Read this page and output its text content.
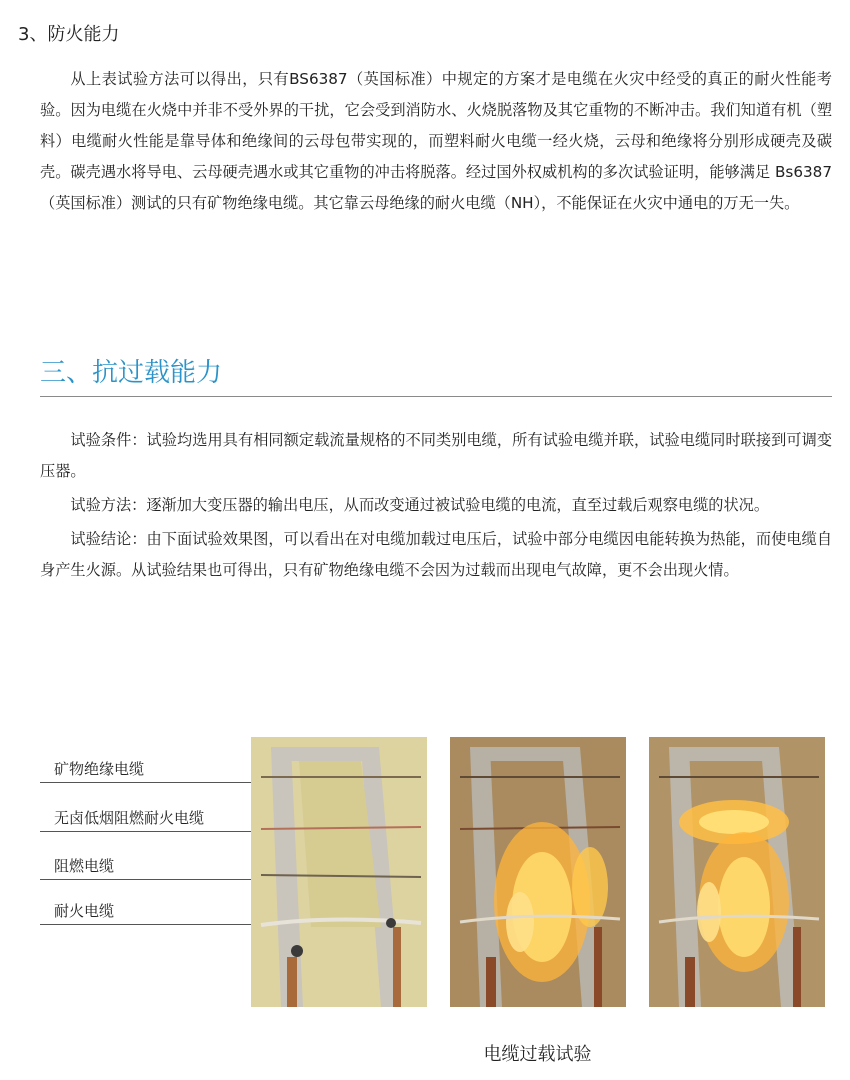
3、防火能力

从上表试验方法可以得出，只有BS6387（英国标准）中规定的方案才是电缆在火灾中经受的真正的耐火性能考验。因为电缆在火烧中并非不受外界的干扰，它会受到消防水、火烧脱落物及其它重物的不断冲击。我们知道有机（塑料）电缆耐火性能是靠导体和绝缘间的云母包带实现的，而塑料耐火电缆一经火烧，云母和绝缘将分别形成硬壳及碳壳。碳壳遇水将导电、云母硬壳遇水或其它重物的冲击将脱落。经过国外权威机构的多次试验证明，能够满足 Bs6387（英国标准）测试的只有矿物绝缘电缆。其它靠云母绝缘的耐火电缆（NH），不能保证在火灾中通电的万无一失。

三、抗过载能力

试验条件：试验均选用具有相同额定载流量规格的不同类别电缆，所有试验电缆并联，试验电缆同时联接到可调变压器。

试验方法：逐渐加大变压器的输出电压，从而改变通过被试验电缆的电流，直至过载后观察电缆的状况。

试验结论：由下面试验效果图，可以看出在对电缆加载过电压后，试验中部分电缆因电能转换为热能，而使电缆自身产生火源。从试验结果也可得出，只有矿物绝缘电缆不会因为过载而出现电气故障，更不会出现火情。

矿物绝缘电缆
无卤低烟阻燃耐火电缆
阻燃电缆
耐火电缆
电缆过载试验
